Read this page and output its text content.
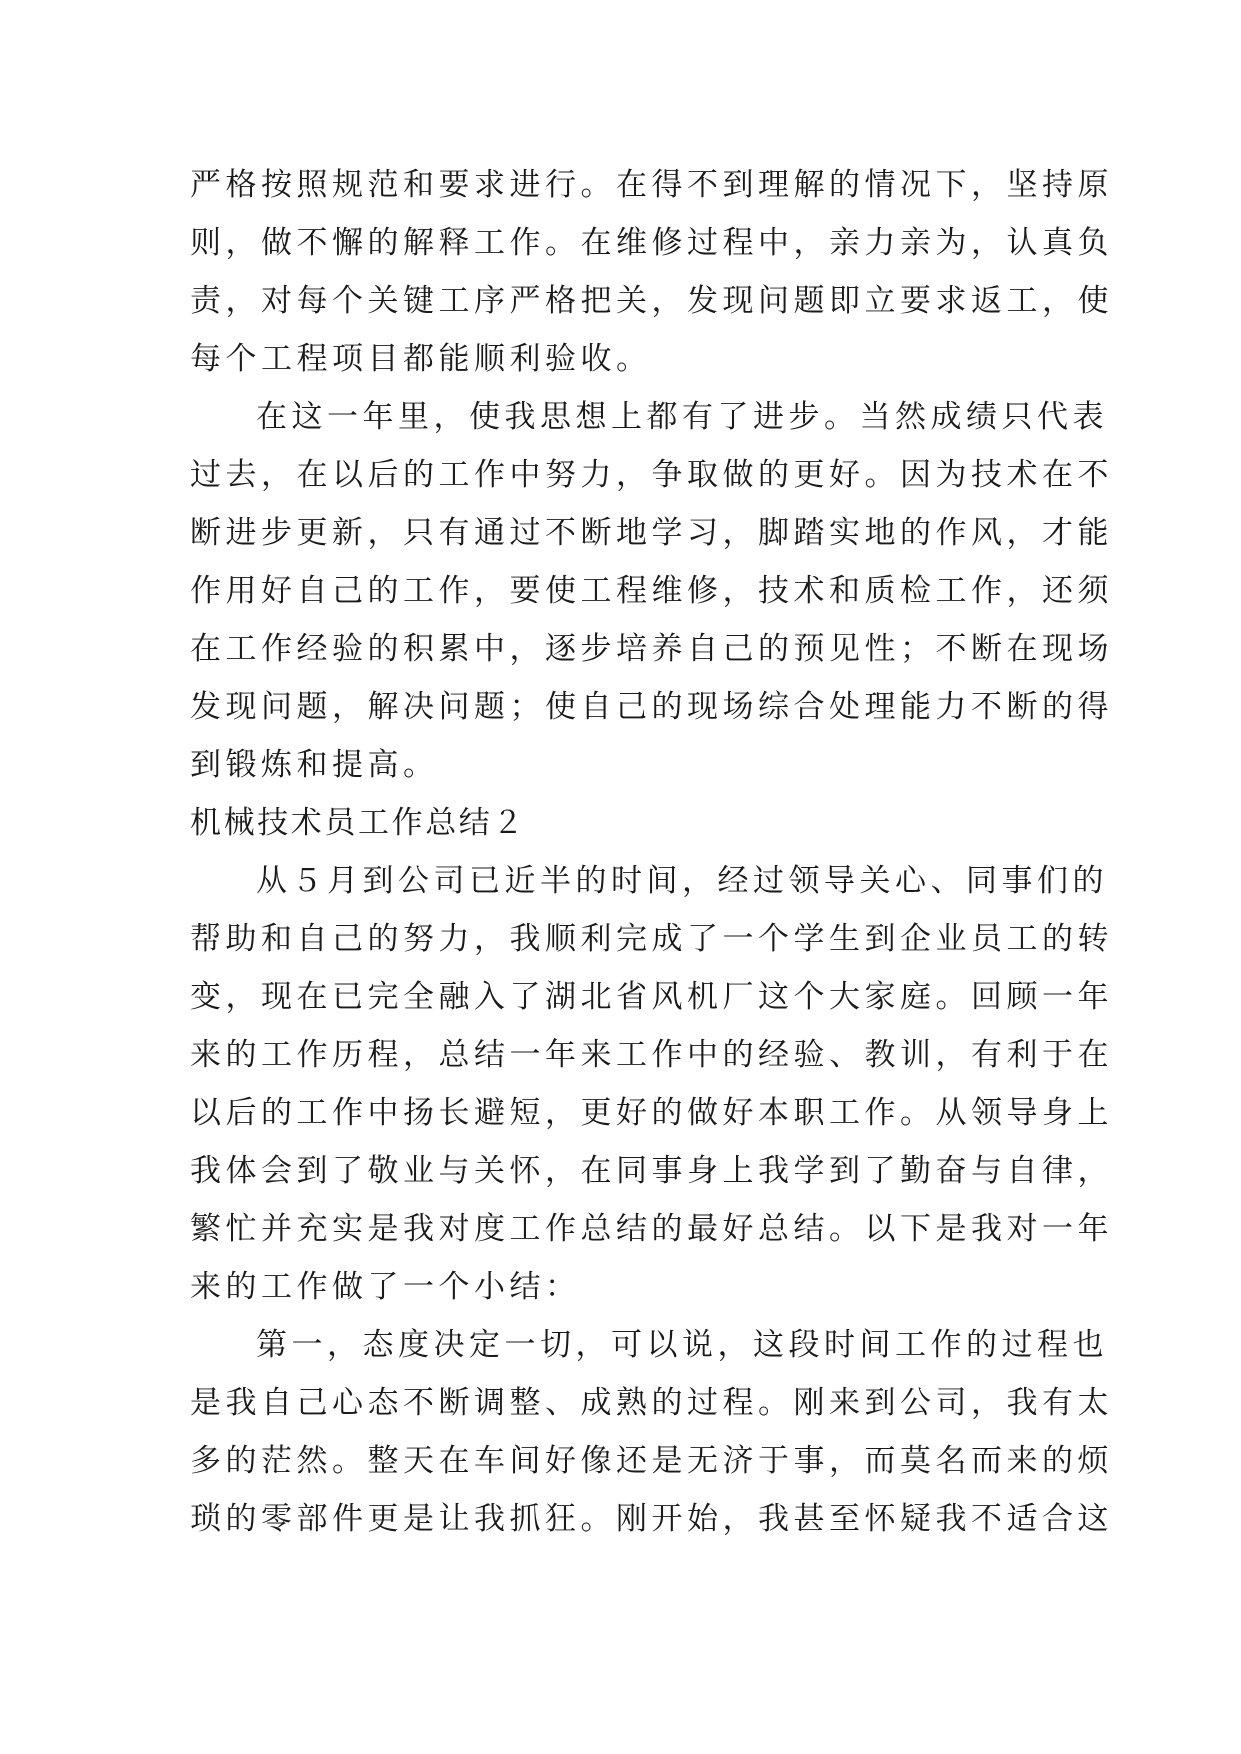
严格按照规范和要求进行。在得不到理解的情况下，坚持原
则，做不懈的解释工作。在维修过程中，亲力亲为，认真负
责，对每个关键工序严格把关，发现问题即立要求返工，使
每个工程项目都能顺利验收。
在这一年里，使我思想上都有了进步。当然成绩只代表
过去，在以后的工作中努力，争取做的更好。因为技术在不
断进步更新，只有通过不断地学习，脚踏实地的作风，才能
作用好自己的工作，要使工程维修，技术和质检工作，还须
在工作经验的积累中，逐步培养自己的预见性；不断在现场
发现问题，解决问题；使自己的现场综合处理能力不断的得
到锻炼和提高。
机械技术员工作总结２
从５月到公司已近半的时间，经过领导关心、同事们的
帮助和自己的努力，我顺利完成了一个学生到企业员工的转
变，现在已完全融入了湖北省风机厂这个大家庭。回顾一年
来的工作历程，总结一年来工作中的经验、教训，有利于在
以后的工作中扬长避短，更好的做好本职工作。从领导身上
我体会到了敬业与关怀，在同事身上我学到了勤奋与自律，
繁忙并充实是我对度工作总结的最好总结。以下是我对一年
来的工作做了一个小结：
第一，态度决定一切，可以说，这段时间工作的过程也
是我自己心态不断调整、成熟的过程。刚来到公司，我有太
多的茫然。整天在车间好像还是无济于事，而莫名而来的烦
琐的零部件更是让我抓狂。刚开始，我甚至怀疑我不适合这
